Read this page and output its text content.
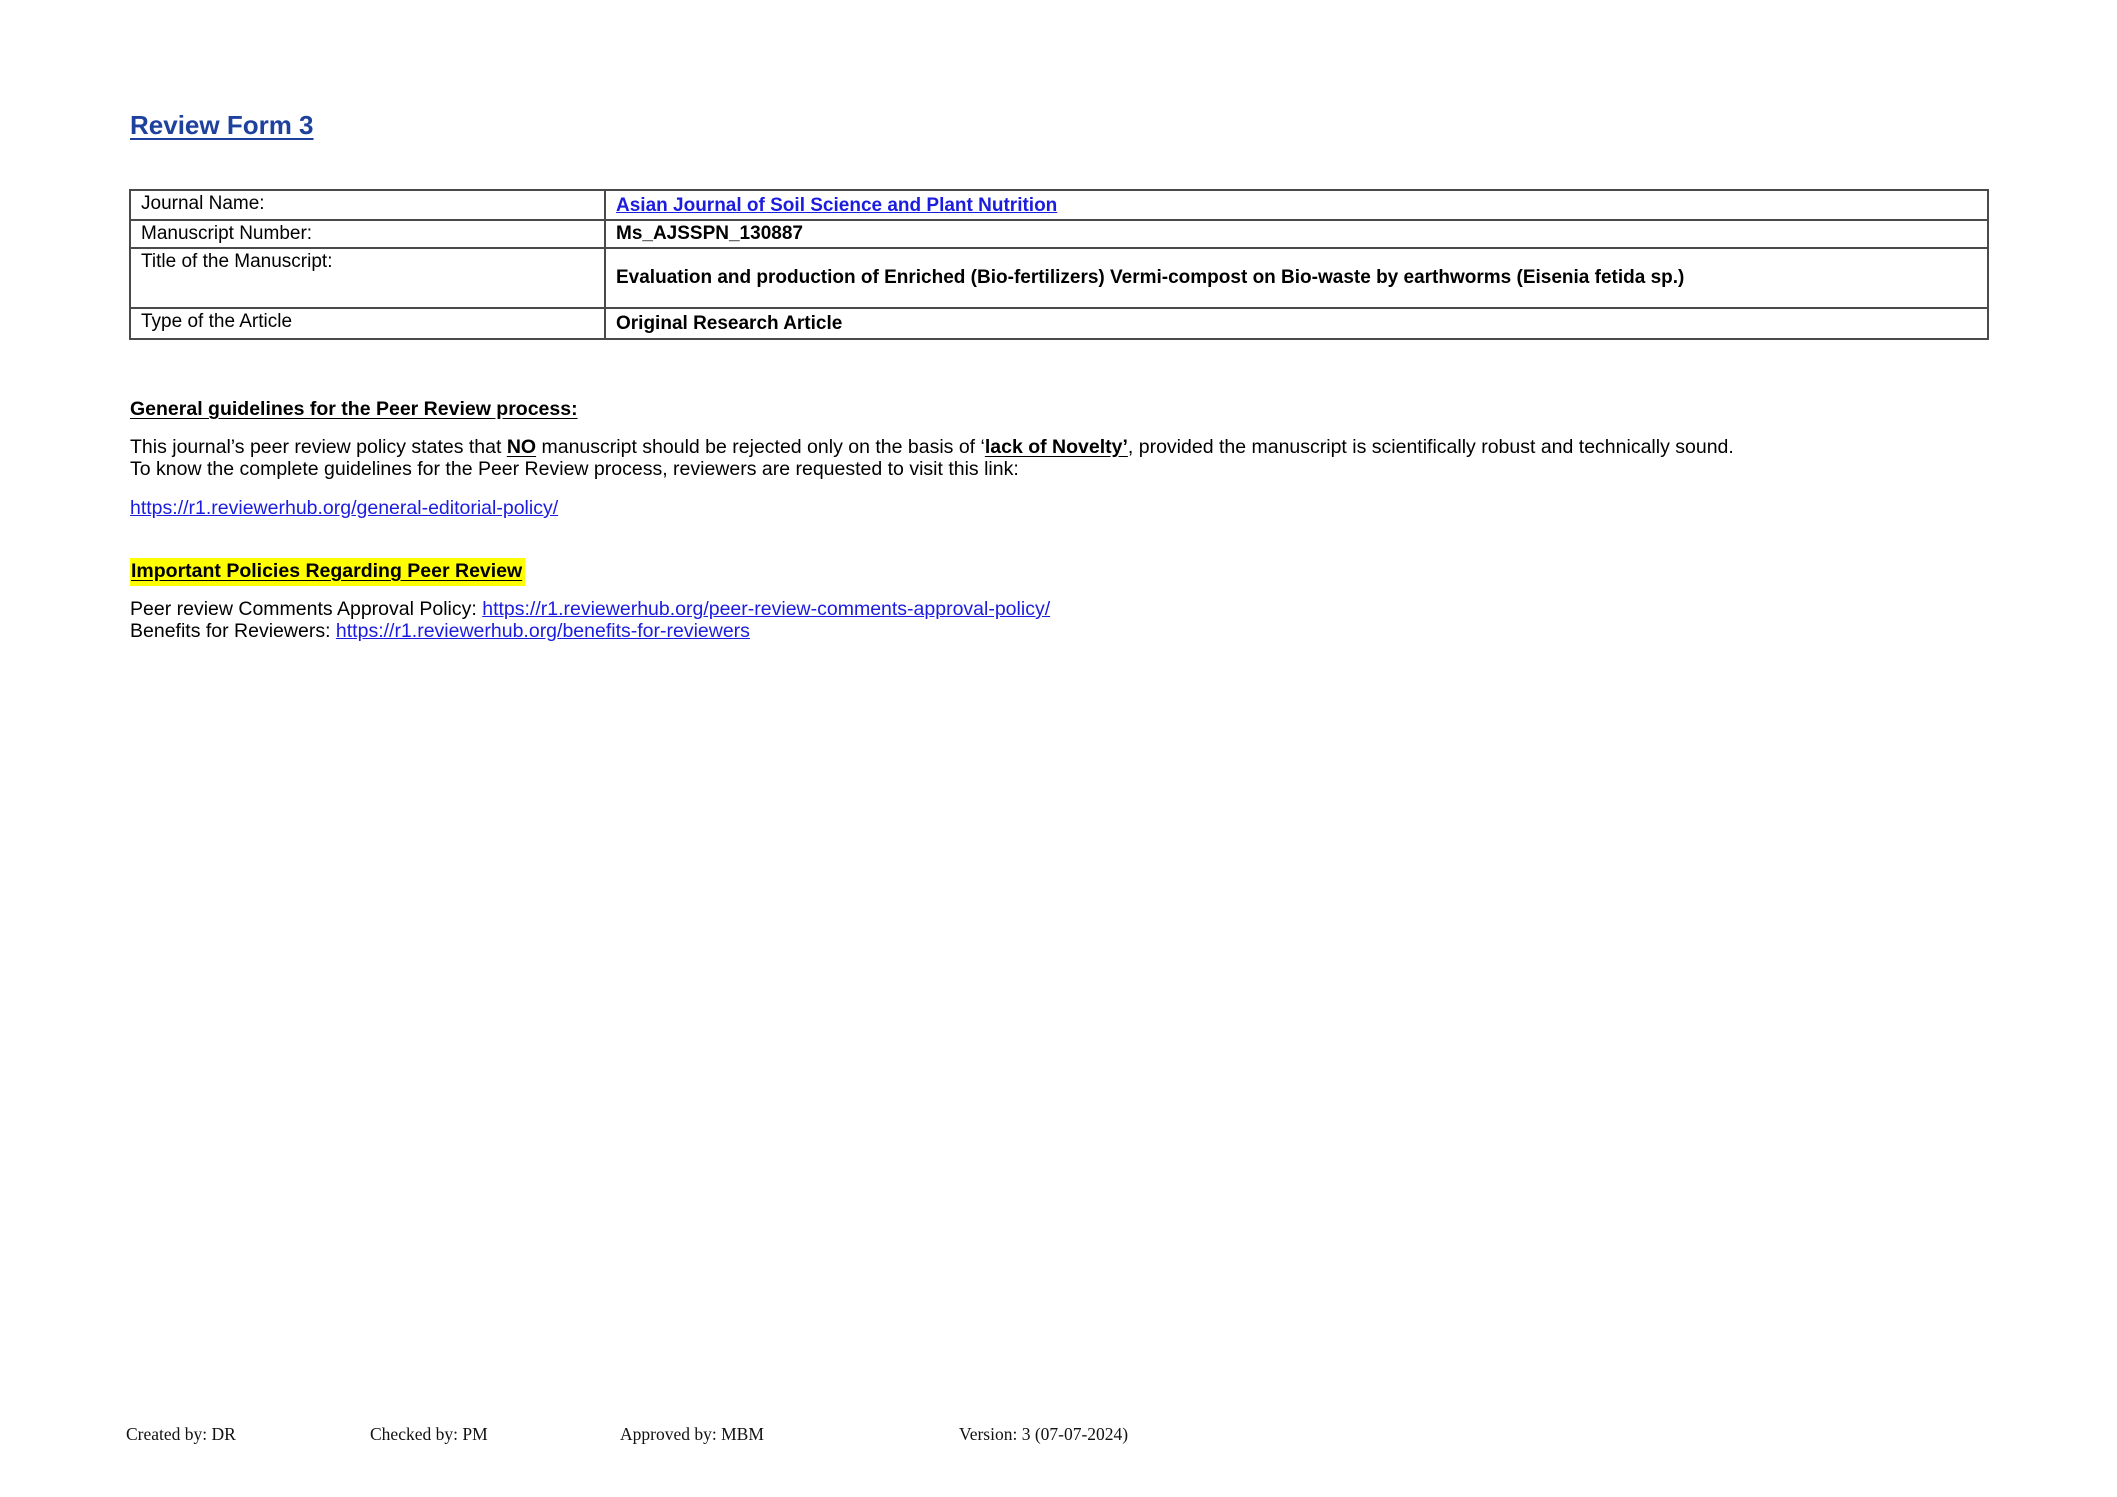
Review Form 3
Journal Name:	Asian Journal of Soil Science and Plant Nutrition
Manuscript Number:	Ms_AJSSPN_130887
Title of the Manuscript:	Evaluation and production of Enriched (Bio-fertilizers) Vermi-compost on Bio-waste by earthworms (Eisenia fetida sp.)
Type of the Article	Original Research Article
General guidelines for the Peer Review process:
This journal’s peer review policy states that NO manuscript should be rejected only on the basis of ‘lack of Novelty’, provided the manuscript is scientifically robust and technically sound.
To know the complete guidelines for the Peer Review process, reviewers are requested to visit this link:
https://r1.reviewerhub.org/general-editorial-policy/
Important Policies Regarding Peer Review
Peer review Comments Approval Policy: https://r1.reviewerhub.org/peer-review-comments-approval-policy/
Benefits for Reviewers: https://r1.reviewerhub.org/benefits-for-reviewers
Created by: DR	Checked by: PM	Approved by: MBM	Version: 3 (07-07-2024)
